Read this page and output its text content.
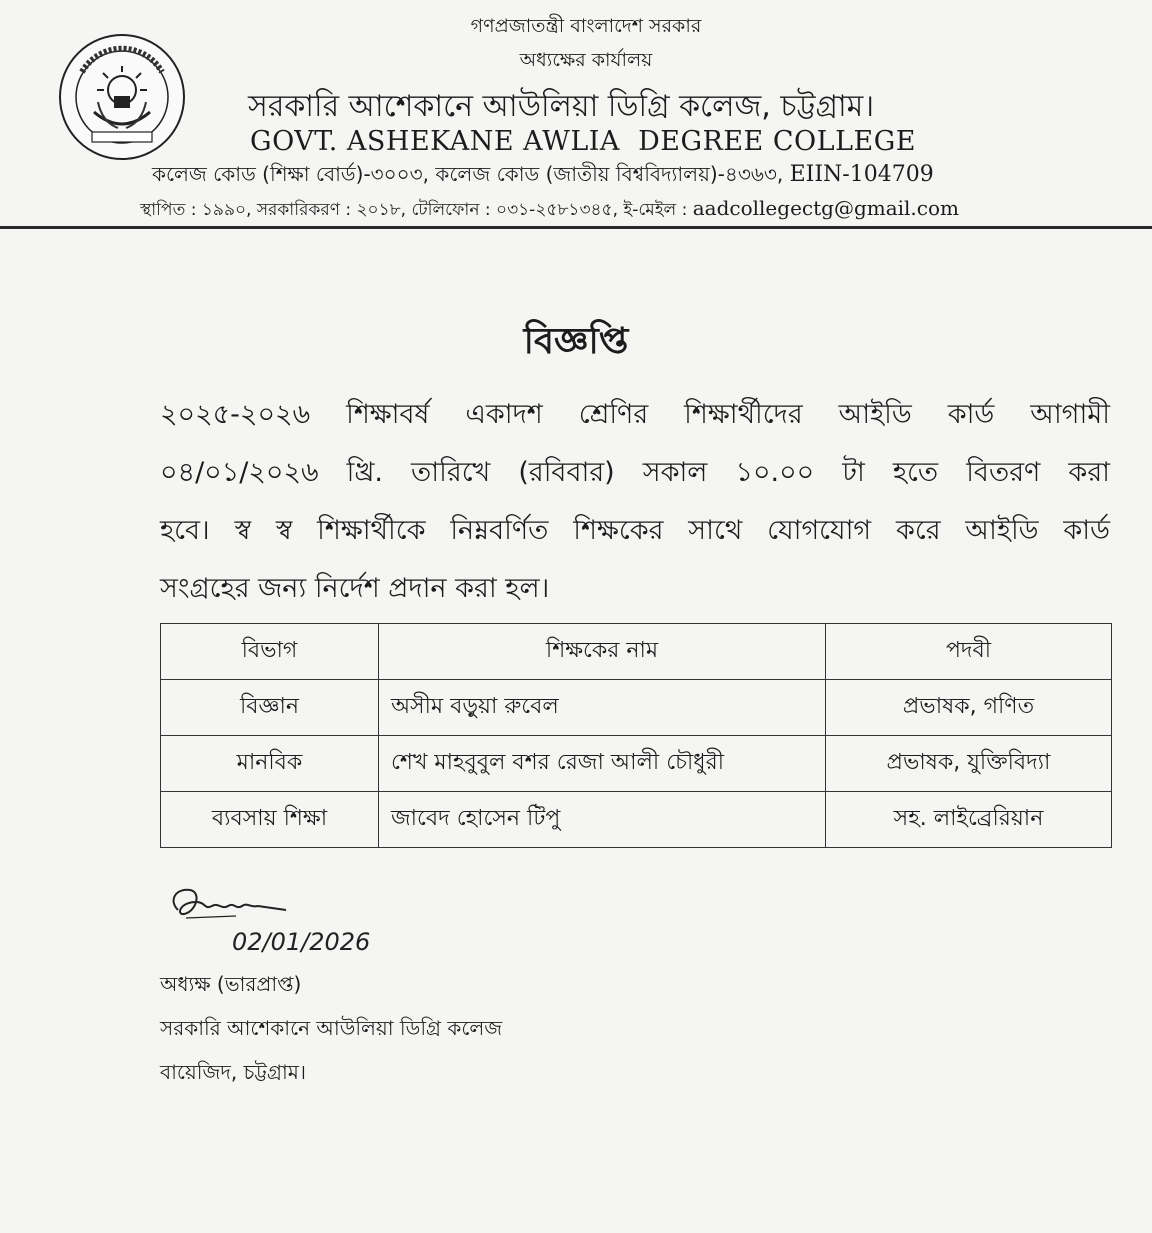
গণপ্রজাতন্ত্রী বাংলাদেশ সরকার
অধ্যক্ষের কার্যালয়
সরকারি আশেকানে আউলিয়া ডিগ্রি কলেজ, চট্টগ্রাম।
GOVT. ASHEKANE AWLIA  DEGREE COLLEGE
কলেজ কোড (শিক্ষা বোর্ড)-৩০০৩, কলেজ কোড (জাতীয় বিশ্ববিদ্যালয়)-৪৩৬৩, EIIN-104709
স্থাপিত : ১৯৯০, সরকারিকরণ : ২০১৮, টেলিফোন : ০৩১-২৫৮১৩৪৫, ই-মেইল : aadcollegectg@gmail.com
বিজ্ঞপ্তি
২০২৫-২০২৬ শিক্ষাবর্ষ একাদশ শ্রেণির শিক্ষার্থীদের আইডি কার্ড আগামী
০৪/০১/২০২৬ খ্রি. তারিখে (রবিবার) সকাল ১০.০০ টা হতে বিতরণ করা
হবে। স্ব স্ব শিক্ষার্থীকে নিম্নবর্ণিত শিক্ষকের সাথে যোগযোগ করে আইডি কার্ড
সংগ্রহের জন্য নির্দেশ প্রদান করা হল।
বিভাগ	শিক্ষকের নাম	পদবী
বিজ্ঞান	অসীম বড়ুয়া রুবেল	প্রভাষক, গণিত
মানবিক	শেখ মাহবুবুল বশর রেজা আলী চৌধুরী	প্রভাষক, যুক্তিবিদ্যা
ব্যবসায় শিক্ষা	জাবেদ হোসেন টিপু	সহ. লাইব্রেরিয়ান
02/01/2026
অধ্যক্ষ (ভারপ্রাপ্ত)
সরকারি আশেকানে আউলিয়া ডিগ্রি কলেজ
বায়েজিদ, চট্টগ্রাম।
